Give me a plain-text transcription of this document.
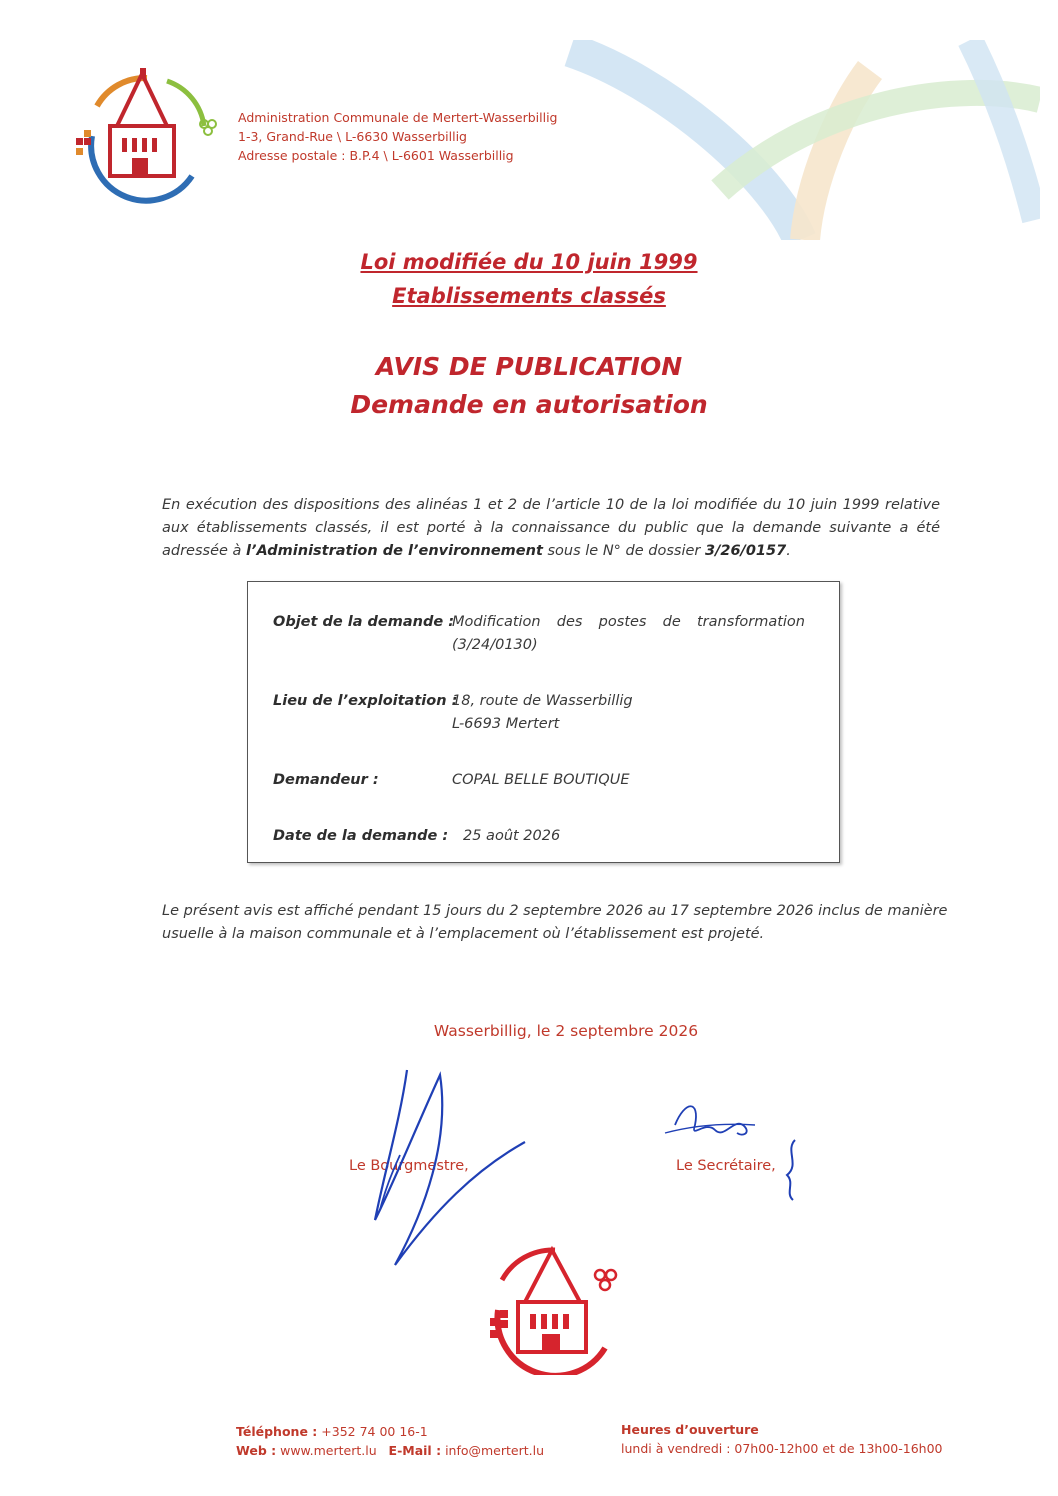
Administration Communale de Mertert-Wasserbillig
1-3, Grand-Rue \ L-6630 Wasserbillig
Adresse postale : B.P.4 \ L-6601 Wasserbillig
Loi modifiée du 10 juin 1999
Etablissements classés
AVIS DE PUBLICATION
Demande en autorisation
En exécution des dispositions des alinéas 1 et 2 de l’article 10 de la loi modifiée du 10 juin 1999 relative aux établissements classés, il est porté à la connaissance du public que la demande suivante a été adressée à l’Administration de l’environnement sous le N° de dossier 3/26/0157.
Objet de la demande :
Modification des postes de transformation
(3/24/0130)
Lieu de l’exploitation :
18, route de Wasserbillig
L-6693 Mertert
Demandeur :	COPAL BELLE BOUTIQUE
Date de la demande : 25 août 2026
Le présent avis est affiché pendant 15 jours du 2 septembre 2026 au 17 septembre 2026 inclus de manière usuelle à la maison communale et à l’emplacement où l’établissement est projeté.
Wasserbillig, le 2 septembre 2026
Le Bourgmestre,	Le Secrétaire,
Téléphone : +352 74 00 16-1
Web : www.mertert.lu E-Mail : info@mertert.lu
Heures d’ouverture
lundi à vendredi : 07h00-12h00 et de 13h00-16h00
